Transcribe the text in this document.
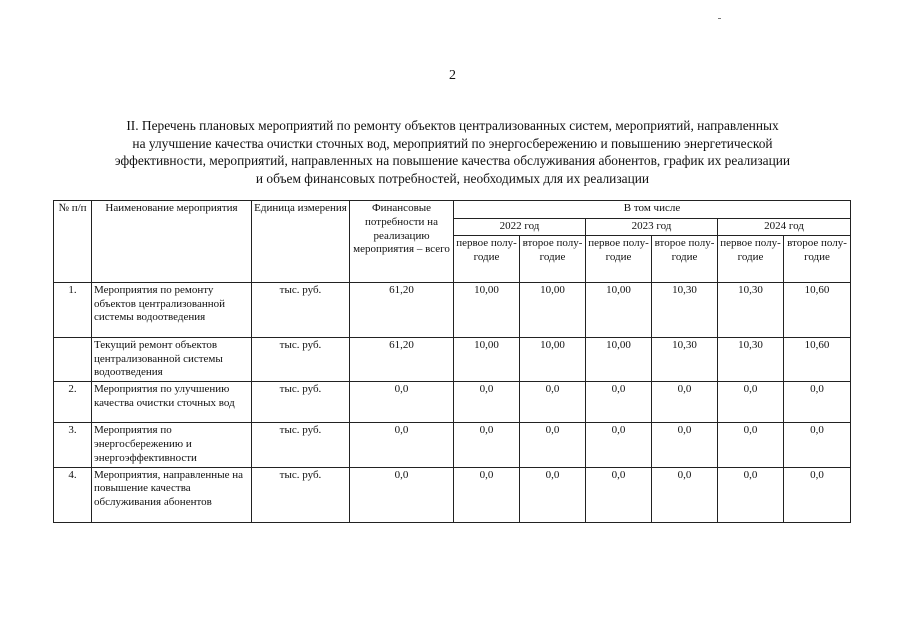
2
II. Перечень плановых мероприятий по ремонту объектов централизованных систем, мероприятий, направленных
на улучшение качества очистки сточных вод, мероприятий по энергосбережению и повышению энергетической
эффективности, мероприятий, направленных на повышение качества обслуживания абонентов, график их реализации
и объем финансовых потребностей, необходимых для их реализации
№ п/п	Наименование мероприятия	Единица измерения	Финансовые потребности на реализацию мероприятия – всего	В том числе					
				2022 год		2023 год		2024 год	
				первое полу- годие	второе полу- годие	первое полу- годие	второе полу- годие	первое полу- годие	второе полу- годие
1.	Мероприятия по ремонту объектов централизованной системы водоотведения	тыс. руб.	61,20	10,00	10,00	10,00	10,30	10,30	10,60
	Текущий ремонт объектов централизованной системы водоотведения	тыс. руб.	61,20	10,00	10,00	10,00	10,30	10,30	10,60
2.	Мероприятия по улучшению качества очистки сточных вод	тыс. руб.	0,0	0,0	0,0	0,0	0,0	0,0	0,0
3.	Мероприятия по энергосбережению и энергоэффективности	тыс. руб.	0,0	0,0	0,0	0,0	0,0	0,0	0,0
4.	Мероприятия, направленные на повышение качества обслуживания абонентов	тыс. руб.	0,0	0,0	0,0	0,0	0,0	0,0	0,0
